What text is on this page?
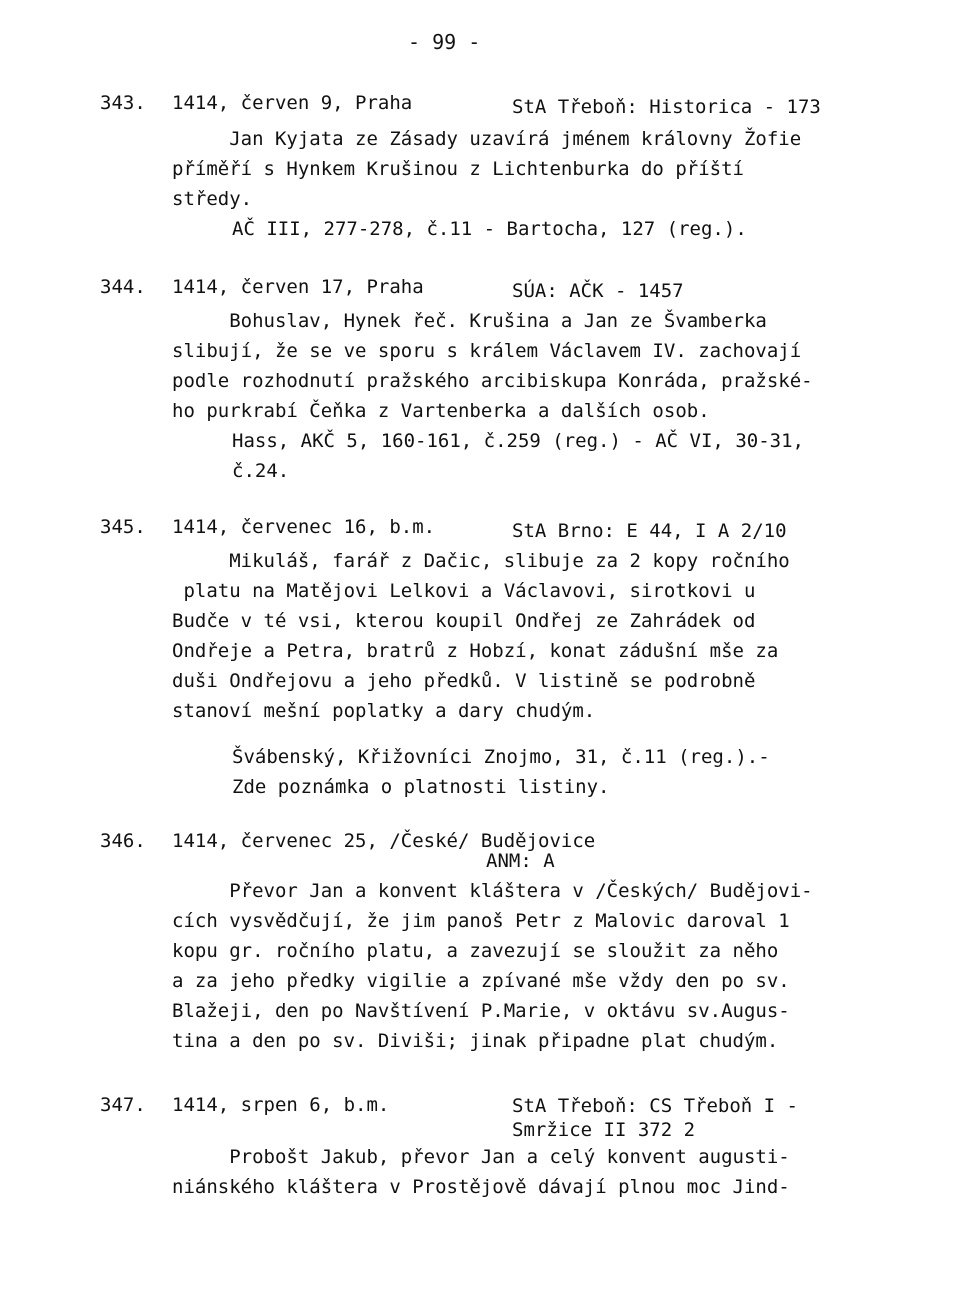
- 99 -
343. 1414, červen 9, Praha	StA Třeboň: Historica - 173
Jan Kyjata ze Zásady uzavírá jménem královny Žofie
příměří s Hynkem Krušinou z Lichtenburka do příští
středy.
AČ III, 277-278, č.11 - Bartocha, 127 (reg.).
344. 1414, červen 17, Praha	SÚA: AČK - 1457
Bohuslav, Hynek řeč. Krušina a Jan ze Švamberka
slibují, že se ve sporu s králem Václavem IV. zachovají
podle rozhodnutí pražského arcibiskupa Konráda, pražské-
ho purkrabí Čeňka z Vartenberka a dalších osob.
Hass, AKČ 5, 160-161, č.259 (reg.) - AČ VI, 30-31,
č.24.
345. 1414, červenec 16, b.m.	StA Brno: E 44, I A 2/10
Mikuláš, farář z Dačic, slibuje za 2 kopy ročního
platu na Matějovi Lelkovi a Václavovi, sirotkovi u
Budče v té vsi, kterou koupil Ondřej ze Zahrádek od
Ondřeje a Petra, bratrů z Hobzí, konat zádušní mše za
duši Ondřejovu a jeho předků. V listině se podrobně
stanoví mešní poplatky a dary chudým.
Švábenský, Křižovníci Znojmo, 31, č.11 (reg.).-
Zde poznámka o platnosti listiny.
346. 1414, červenec 25, /České/ Budějovice
ANM: A
Převor Jan a konvent kláštera v /Českých/ Budějovi-
cích vysvědčují, že jim panoš Petr z Malovic daroval 1
kopu gr. ročního platu, a zavezují se sloužit za něho
a za jeho předky vigilie a zpívané mše vždy den po sv.
Blažeji, den po Navštívení P.Marie, v oktávu sv.Augus-
tina a den po sv. Diviši; jinak připadne plat chudým.
347. 1414, srpen 6, b.m.	StA Třeboň: CS Třeboň I -
Smržice II 372 2
Probošt Jakub, převor Jan a celý konvent augusti-
niánského kláštera v Prostějově dávají plnou moc Jind-
